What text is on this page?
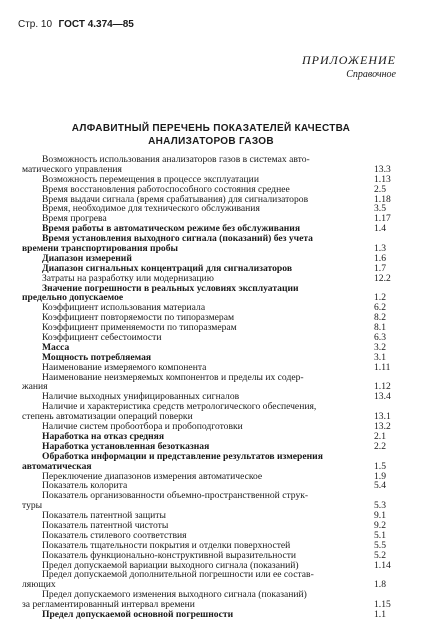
Стр. 10 ГОСТ 4.374—85
ПРИЛОЖЕНИЕ
Справочное
АЛФАВИТНЫЙ ПЕРЕЧЕНЬ ПОКАЗАТЕЛЕЙ КАЧЕСТВА
АНАЛИЗАТОРОВ ГАЗОВ
Возможность использования анализаторов газов в системах авто-
матического управления	13.3
Возможность перемещения в процессе эксплуатации	1.13
Время восстановления работоспособного состояния среднее	2.5
Время выдачи сигнала (время срабатывания) для сигнализаторов	1.18
Время, необходимое для технического обслуживания	3.5
Время прогрева	1.17
Время работы в автоматическом режиме без обслуживания	1.4
Время установления выходного сигнала (показаний) без учета
времени транспортирования пробы	1.3
Диапазон измерений	1.6
Диапазон сигнальных концентраций для сигнализаторов	1.7
Затраты на разработку или модернизацию	12.2
Значение погрешности в реальных условиях эксплуатации
предельно допускаемое	1.2
Коэффициент использования материала	6.2
Коэффициент повторяемости по типоразмерам	8.2
Коэффициент применяемости по типоразмерам	8.1
Коэффициент себестоимости	6.3
Масса	3.2
Мощность потребляемая	3.1
Наименование измеряемого компонента	1.11
Наименование неизмеряемых компонентов и пределы их содер-
жания	1.12
Наличие выходных унифицированных сигналов	13.4
Наличие и характеристика средств метрологического обеспечения,
степень автоматизации операций поверки	13.1
Наличие систем пробоотбора и пробоподготовки	13.2
Наработка на отказ средняя	2.1
Наработка установленная безотказная	2.2
Обработка информации и представление результатов измерения
автоматическая	1.5
Переключение диапазонов измерения автоматическое	1.9
Показатель колорита	5.4
Показатель организованности объемно-пространственной струк-
туры	5.3
Показатель патентной защиты	9.1
Показатель патентной чистоты	9.2
Показатель стилевого соответствия	5.1
Показатель тщательности покрытия и отделки поверхностей	5.5
Показатель функционально-конструктивной выразительности	5.2
Предел допускаемой вариации выходного сигнала (показаний)	1.14
Предел допускаемой дополнительной погрешности или ее состав-
ляющих	1.8
Предел допускаемого изменения выходного сигнала (показаний)
за регламентированный интервал времени	1.15
Предел допускаемой основной погрешности	1.1
